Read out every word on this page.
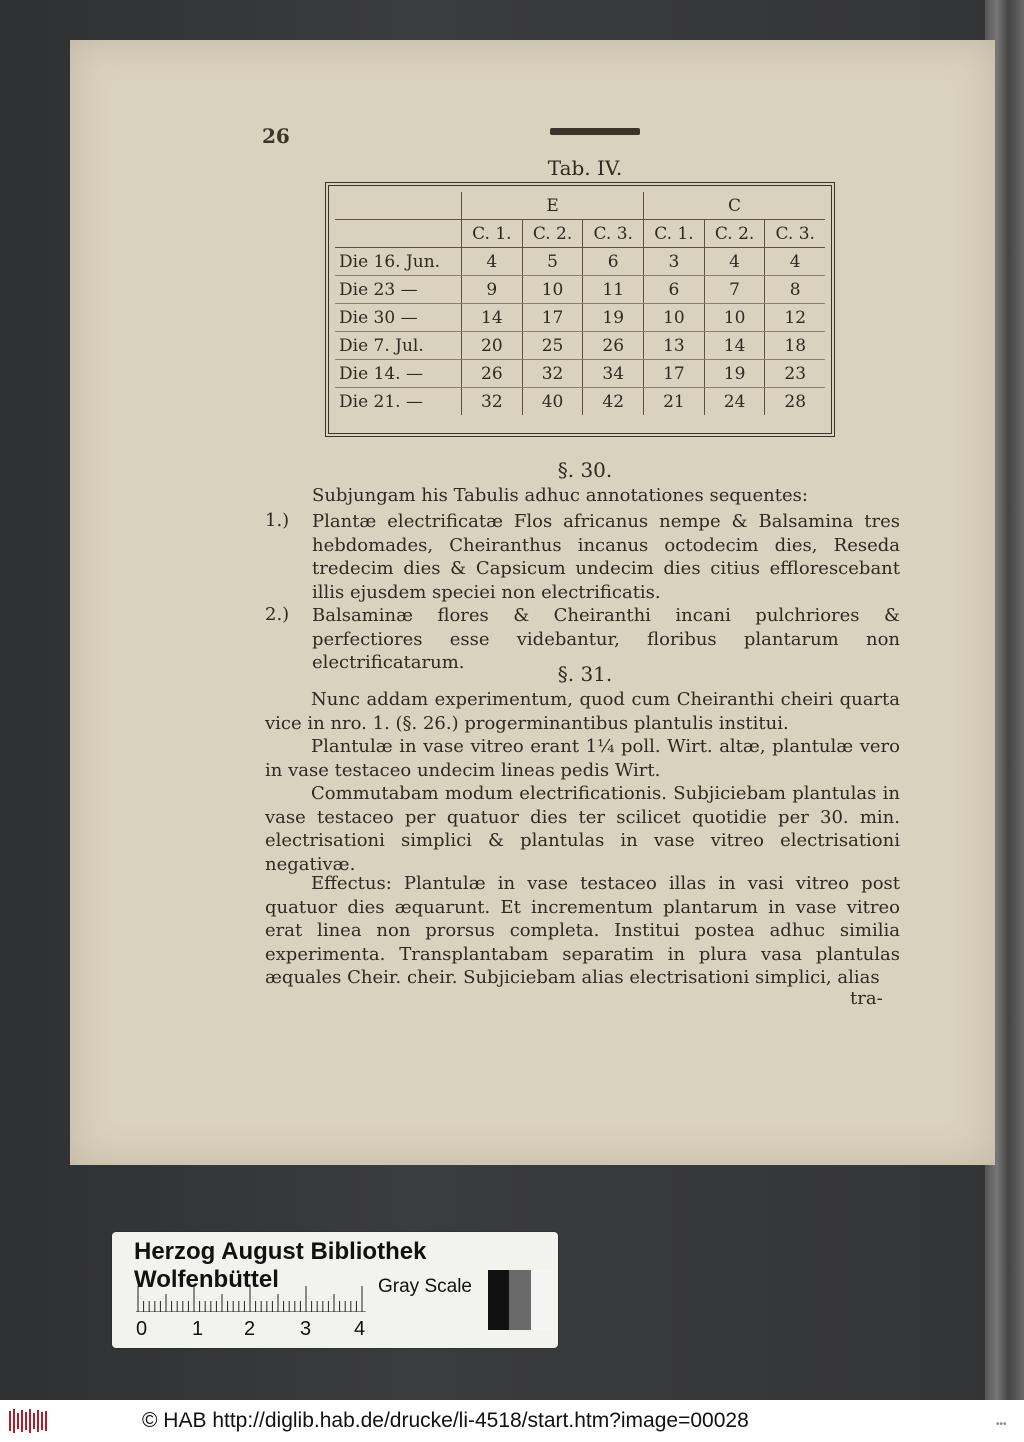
26
Tab. IV.
	E			C		
	C. 1.	C. 2.	C. 3.	C. 1.	C. 2.	C. 3.
Die 16. Jun.	4	5	6	3	4	4
Die 23 —	9	10	11	6	7	8
Die 30 —	14	17	19	10	10	12
Die 7. Jul.	20	25	26	13	14	18
Die 14. —	26	32	34	17	19	23
Die 21. —	32	40	42	21	24	28
§. 30.
Subjungam his Tabulis adhuc annotationes sequentes:
1.) Plantæ electrificatæ Flos africanus nempe & Balsamina tres hebdomades, Cheiranthus incanus octodecim dies, Reseda tredecim dies & Capsicum undecim dies citius efflorescebant illis ejusdem speciei non electrificatis.
2.) Balsaminæ flores & Cheiranthi incani pulchriores & perfectiores esse videbantur, floribus plantarum non electrificatarum.	§. 31.
Nunc addam experimentum, quod cum Cheiranthi cheiri quarta vice in nro. 1. (§. 26.) progerminantibus plantulis institui.
Plantulæ in vase vitreo erant 1¼ poll. Wirt. altæ, plantulæ vero in vase testaceo undecim lineas pedis Wirt.
Commutabam modum electrificationis. Subjiciebam plantulas in vase testaceo per quatuor dies ter scilicet quotidie per 30. min. electrisationi simplici & plantulas in vase vitreo electrisationi negativæ.
Effectus: Plantulæ in vase testaceo illas in vasi vitreo post quatuor dies æquarunt. Et incrementum plantarum in vase vitreo erat linea non prorsus completa. Institui postea adhuc similia experimenta. Transplantabam separatim in plura vasa plantulas æquales Cheir. cheir. Subjiciebam alias electrisationi simplici, alias
tra-
Herzog August Bibliothek Wolfenbüttel
0 1 2 3 4
Gray Scale
© HAB http://diglib.hab.de/drucke/li-4518/start.htm?image=00028	•••
